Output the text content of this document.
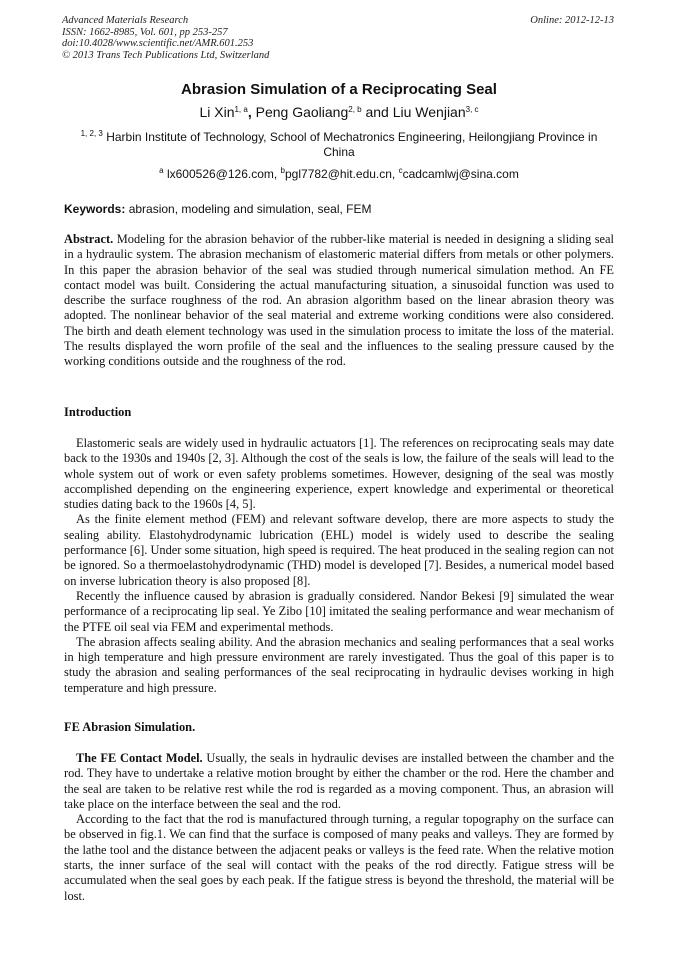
Advanced Materials Research
ISSN: 1662-8985, Vol. 601, pp 253-257
doi:10.4028/www.scientific.net/AMR.601.253
© 2013 Trans Tech Publications Ltd, Switzerland
Online: 2012-12-13
Abrasion Simulation of a Reciprocating Seal
Li Xin$^{1, a}$, Peng Gaoliang$^{2, b}$ and Liu Wenjian$^{3, c}$
$^{1, 2, 3}$ Harbin Institute of Technology, School of Mechatronics Engineering, Heilongjiang Province in China
$^a$ lx600526@126.com, $^b$pgl7782@hit.edu.cn, $^c$cadcamlwj@sina.com
Keywords: abrasion, modeling and simulation, seal, FEM

Abstract. Modeling for the abrasion behavior of the rubber-like material is needed in designing a sliding seal in a hydraulic system. The abrasion mechanism of elastomeric material differs from metals or other polymers. In this paper the abrasion behavior of the seal was studied through numerical simulation method. An FE contact model was built. Considering the actual manufacturing situation, a sinusoidal function was used to describe the surface roughness of the rod. An abrasion algorithm based on the linear abrasion theory was adopted. The nonlinear behavior of the seal material and extreme working conditions were also considered. The birth and death element technology was used in the simulation process to imitate the loss of the material. The results displayed the worn profile of the seal and the influences to the sealing pressure caused by the working conditions outside and the roughness of the rod.

Introduction

Elastomeric seals are widely used in hydraulic actuators [1]. The references on reciprocating seals may date back to the 1930s and 1940s [2, 3]. Although the cost of the seals is low, the failure of the seals will lead to the whole system out of work or even safety problems sometimes. However, designing of the seal was mostly accomplished depending on the engineering experience, expert knowledge and experimental or theoretical studies dating back to the 1960s [4, 5].

As the finite element method (FEM) and relevant software develop, there are more aspects to study the sealing ability. Elastohydrodynamic lubrication (EHL) model is widely used to describe the sealing performance [6]. Under some situation, high speed is required. The heat produced in the sealing region can not be ignored. So a thermoelastohydrodynamic (THD) model is developed [7]. Besides, a numerical model based on inverse lubrication theory is also proposed [8].

Recently the influence caused by abrasion is gradually considered. Nandor Bekesi [9] simulated the wear performance of a reciprocating lip seal. Ye Zibo [10] imitated the sealing performance and wear mechanism of the PTFE oil seal via FEM and experimental methods.

The abrasion affects sealing ability. And the abrasion mechanics and sealing performances that a seal works in high temperature and high pressure environment are rarely investigated. Thus the goal of this paper is to study the abrasion and sealing performances of the seal reciprocating in hydraulic devises working in high temperature and high pressure.

FE Abrasion Simulation.

The FE Contact Model. Usually, the seals in hydraulic devises are installed between the chamber and the rod. They have to undertake a relative motion brought by either the chamber or the rod. Here the chamber and the seal are taken to be relative rest while the rod is regarded as a moving component. Thus, an abrasion will take place on the interface between the seal and the rod.

According to the fact that the rod is manufactured through turning, a regular topography on the surface can be observed in fig.1. We can find that the surface is composed of many peaks and valleys. They are formed by the lathe tool and the distance between the adjacent peaks or valleys is the feed rate. When the relative motion starts, the inner surface of the seal will contact with the peaks of the rod directly. Fatigue stress will be accumulated when the seal goes by each peak. If the fatigue stress is beyond the threshold, the material will be lost.
